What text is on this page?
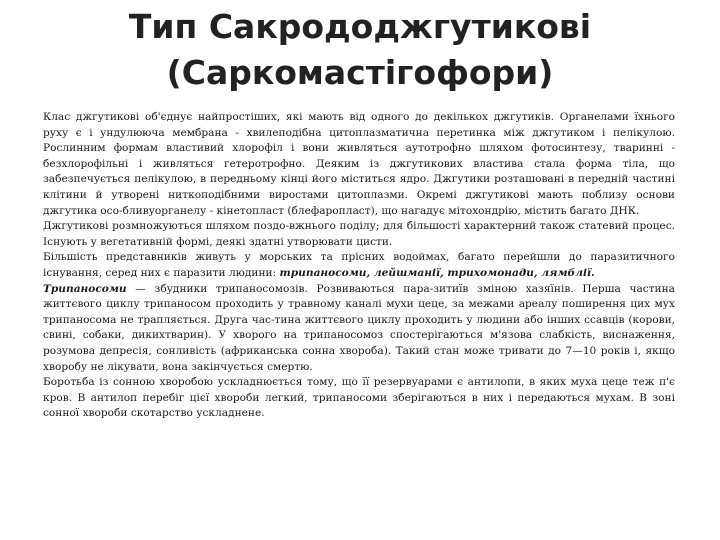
Тип Сакрододжгутикові
(Саркомастігофори)

Клас джгутикові об'єднує найпростіших, які мають від одного до декількох джгутиків. Органелами їхнього руху є і ундулююча мембрана - хвилеподібна цитоплазматична перетинка між джгутиком і пелікулою. Рослинним формам властивий хлорофіл і вони живляться аутотрофно шляхом фотосинтезу, тваринні - безхлорофільні і живляться гетеротрофно. Деяким із джгутикових властива стала форма тіла, що забезпечується пелікулою, в передньому кінці його міститься ядро. Джгутики розташовані в передній частині клітини й утворені ниткоподібними виростами цитоплазми. Окремі джгутикові мають поблизу основи джгутика осо-бливуорганелу - кінетопласт (блефаропласт), що нагадує мітохондрію, містить багато ДНК.

Джгутикові розмножуються шляхом поздо-вжнього поділу; для більшості характерний також статевий процес. Існують у вегетативній формі, деякі здатні утворювати цисти.

Більшість представників живуть у морських та прісних водоймах, багато перейшли до паразитичного існування, серед них є паразити людини: трипаносоми, лейшманії, трихомонади, лямблії.

Трипаносоми — збудники трипаносомозів. Розвиваються пара-зитиїв зміною хазяїнів. Перша частина життєвого циклу трипаносом проходить у травному каналі мухи цеце, за межами ареалу поширення цих мух трипаносома не трапляється. Друга час-тина життєвого циклу проходить у людини або інших ссавців (корови, свині, собаки, дикихтварин). У хворого на трипаносомоз спостерігаються м'язова слабкість, виснаження, розумова депресія, сонливість (африканська сонна хвороба). Такий стан може тривати до 7—10 років і, якщо хворобу не лікувати, вона закінчується смертю.

Боротьба із сонною хворобою ускладнюється тому, що її резервуарами є антилопи, в яких муха цеце теж п'є кров. В антилоп перебіг цієї хвороби легкий, трипаносоми зберігаються в них і передаються мухам. В зоні сонної хвороби скотарство ускладнене.
